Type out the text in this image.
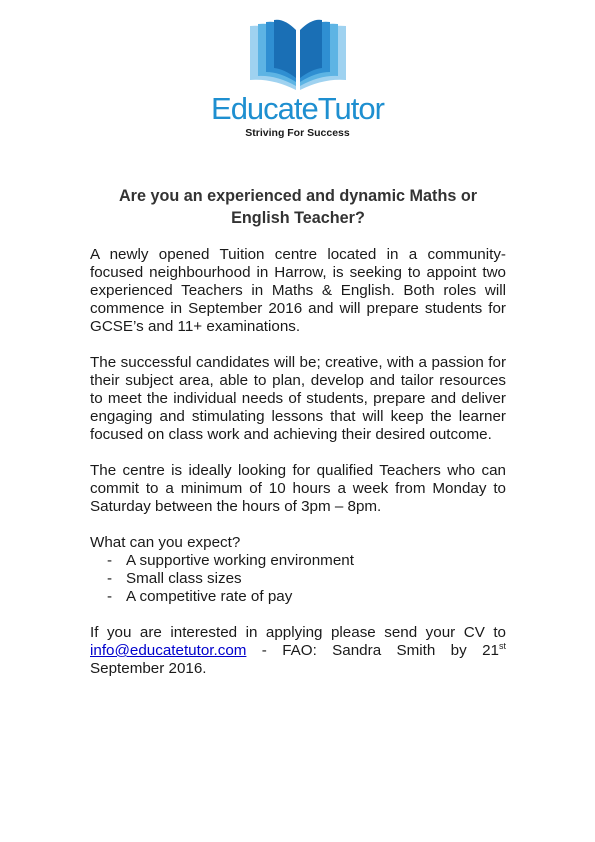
EducateTutor
Striving For Success
Are you an experienced and dynamic Maths or English Teacher?

A newly opened Tuition centre located in a community-focused neighbourhood in Harrow, is seeking to appoint two experienced Teachers in Maths & English. Both roles will commence in September 2016 and will prepare students for GCSE’s and 11+ examinations.

The successful candidates will be; creative, with a passion for their subject area, able to plan, develop and tailor resources to meet the individual needs of students, prepare and deliver engaging and stimulating lessons that will keep the learner focused on class work and achieving their desired outcome.

The centre is ideally looking for qualified Teachers who can commit to a minimum of 10 hours a week from Monday to Saturday between the hours of 3pm – 8pm.

What can you expect?

- A supportive working environment
- Small class sizes
- A competitive rate of pay

If you are interested in applying please send your CV to info@educatetutor.com - FAO: Sandra Smith by 21st September 2016.
